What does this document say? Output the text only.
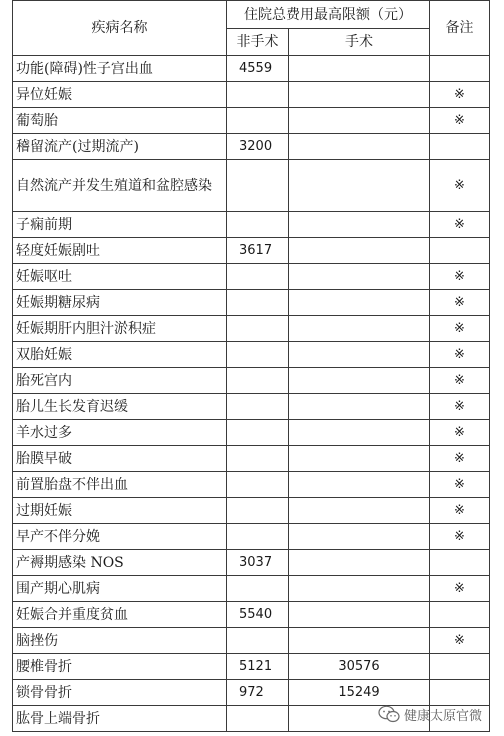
疾病名称	住院总费用最高限额（元）		备注
	非手术	手术	
功能(障碍)性子宫出血	4559		
异位妊娠			※
葡萄胎			※
稽留流产(过期流产)	3200		
自然流产并发生殖道和盆腔感染			※
子痫前期			※
轻度妊娠剧吐	3617		
妊娠呕吐			※
妊娠期糖尿病			※
妊娠期肝内胆汁淤积症			※
双胎妊娠			※
胎死宫内			※
胎儿生长发育迟缓			※
羊水过多			※
胎膜早破			※
前置胎盘不伴出血			※
过期妊娠			※
早产不伴分娩			※
产褥期感染 NOS	3037		
围产期心肌病			※
妊娠合并重度贫血	5540		
脑挫伤			※
腰椎骨折	5121	30576	
锁骨骨折	972	15249	
肱骨上端骨折				健康太原官微
